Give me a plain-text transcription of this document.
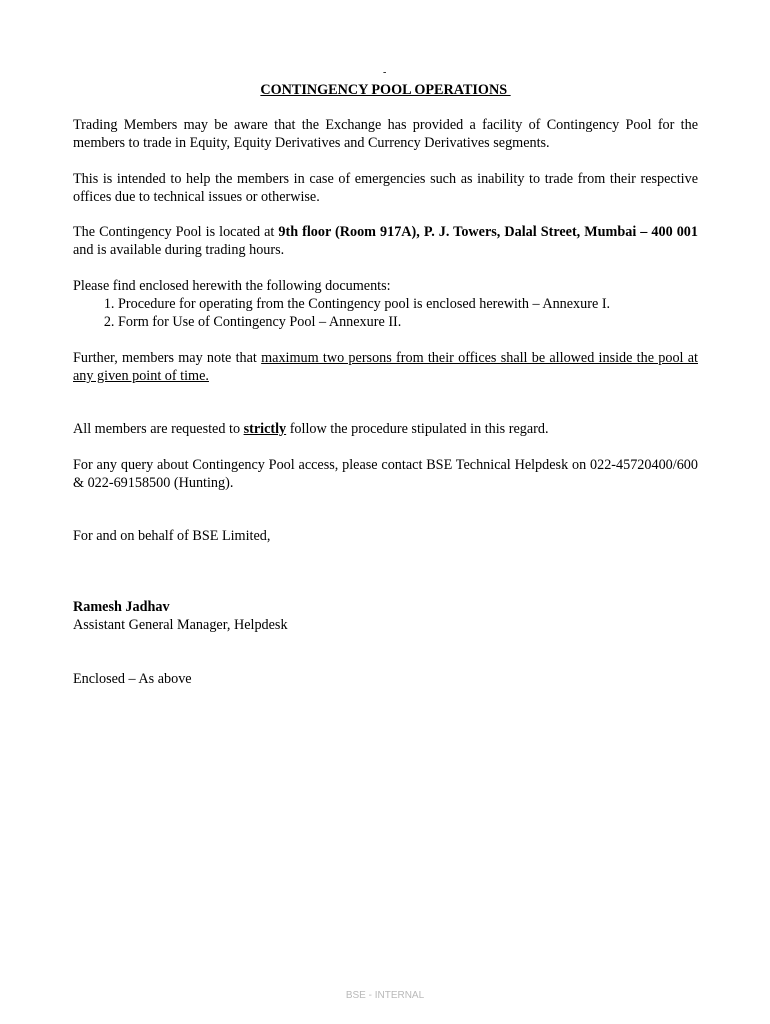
-
CONTINGENCY POOL OPERATIONS

Trading Members may be aware that the Exchange has provided a facility of Contingency Pool for the members to trade in Equity, Equity Derivatives and Currency Derivatives segments.

This is intended to help the members in case of emergencies such as inability to trade from their respective offices due to technical issues or otherwise.

The Contingency Pool is located at 9th floor (Room 917A), P. J. Towers, Dalal Street, Mumbai – 400 001 and is available during trading hours.

Please find enclosed herewith the following documents:

1. Procedure for operating from the Contingency pool is enclosed herewith – Annexure I.
2. Form for Use of Contingency Pool – Annexure II.

Further, members may note that maximum two persons from their offices shall be allowed inside the pool at any given point of time.

All members are requested to strictly follow the procedure stipulated in this regard.

For any query about Contingency Pool access, please contact BSE Technical Helpdesk on 022-45720400/600 & 022-69158500 (Hunting).

For and on behalf of BSE Limited,

Ramesh Jadhav

Assistant General Manager, Helpdesk

Enclosed – As above

BSE - INTERNAL
